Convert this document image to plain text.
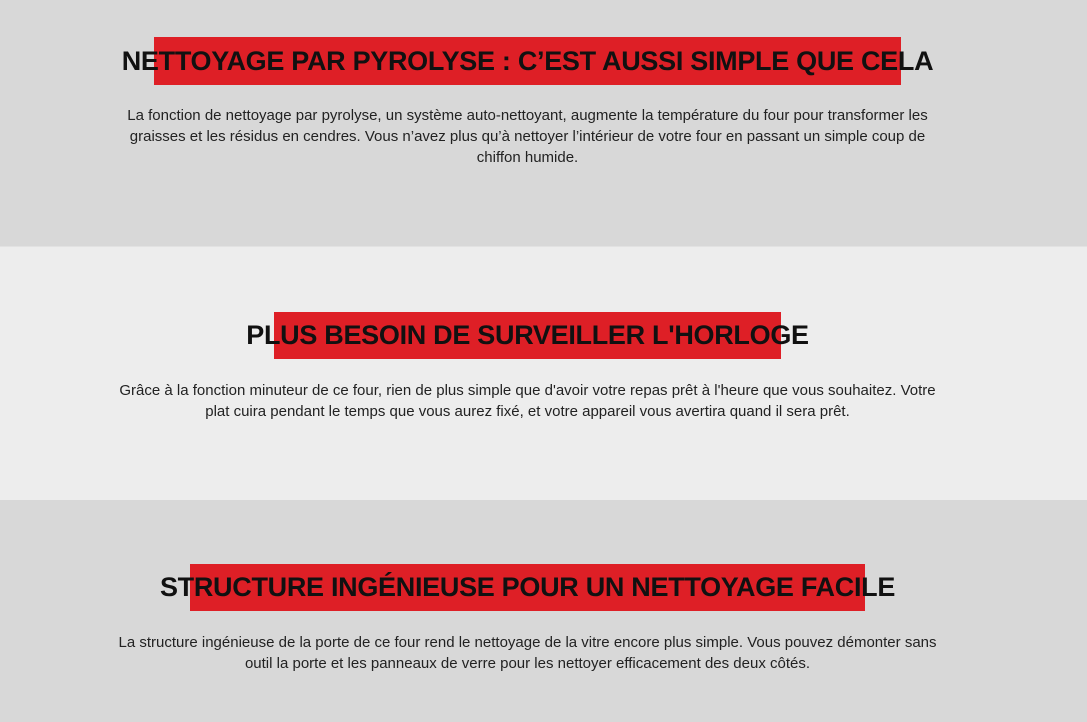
NETTOYAGE PAR PYROLYSE : C’EST AUSSI SIMPLE QUE CELA
La fonction de nettoyage par pyrolyse, un système auto-nettoyant, augmente la température du four pour transformer les graisses et les résidus en cendres. Vous n’avez plus qu’à nettoyer l’intérieur de votre four en passant un simple coup de chiffon humide.
PLUS BESOIN DE SURVEILLER L'HORLOGE
Grâce à la fonction minuteur de ce four, rien de plus simple que d'avoir votre repas prêt à l'heure que vous souhaitez. Votre plat cuira pendant le temps que vous aurez fixé, et votre appareil vous avertira quand il sera prêt.
STRUCTURE INGÉNIEUSE POUR UN NETTOYAGE FACILE
La structure ingénieuse de la porte de ce four rend le nettoyage de la vitre encore plus simple. Vous pouvez démonter sans outil la porte et les panneaux de verre pour les nettoyer efficacement des deux côtés.
